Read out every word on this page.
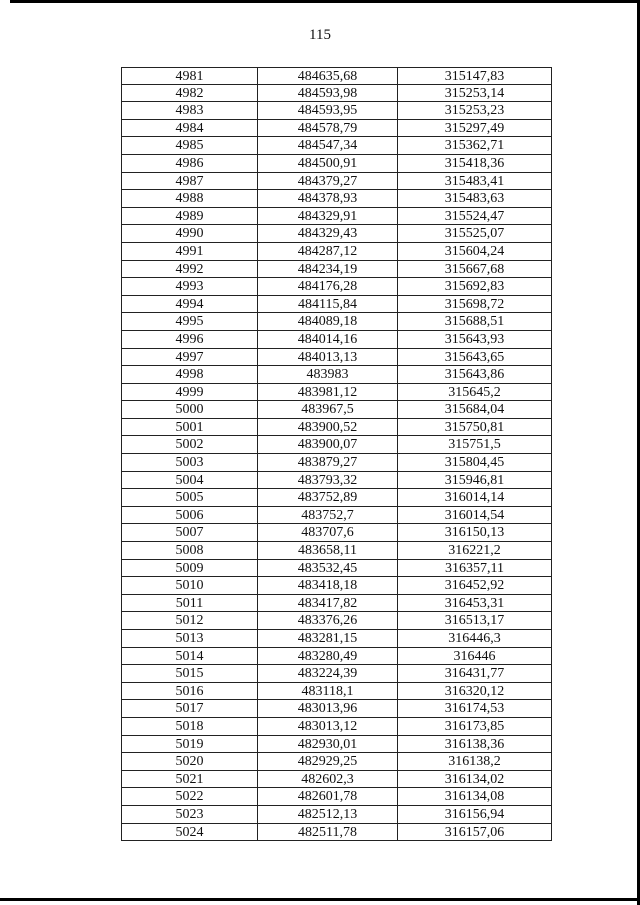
115
4981	484635,68	315147,83
4982	484593,98	315253,14
4983	484593,95	315253,23
4984	484578,79	315297,49
4985	484547,34	315362,71
4986	484500,91	315418,36
4987	484379,27	315483,41
4988	484378,93	315483,63
4989	484329,91	315524,47
4990	484329,43	315525,07
4991	484287,12	315604,24
4992	484234,19	315667,68
4993	484176,28	315692,83
4994	484115,84	315698,72
4995	484089,18	315688,51
4996	484014,16	315643,93
4997	484013,13	315643,65
4998	483983	315643,86
4999	483981,12	315645,2
5000	483967,5	315684,04
5001	483900,52	315750,81
5002	483900,07	315751,5
5003	483879,27	315804,45
5004	483793,32	315946,81
5005	483752,89	316014,14
5006	483752,7	316014,54
5007	483707,6	316150,13
5008	483658,11	316221,2
5009	483532,45	316357,11
5010	483418,18	316452,92
5011	483417,82	316453,31
5012	483376,26	316513,17
5013	483281,15	316446,3
5014	483280,49	316446
5015	483224,39	316431,77
5016	483118,1	316320,12
5017	483013,96	316174,53
5018	483013,12	316173,85
5019	482930,01	316138,36
5020	482929,25	316138,2
5021	482602,3	316134,02
5022	482601,78	316134,08
5023	482512,13	316156,94
5024	482511,78	316157,06
